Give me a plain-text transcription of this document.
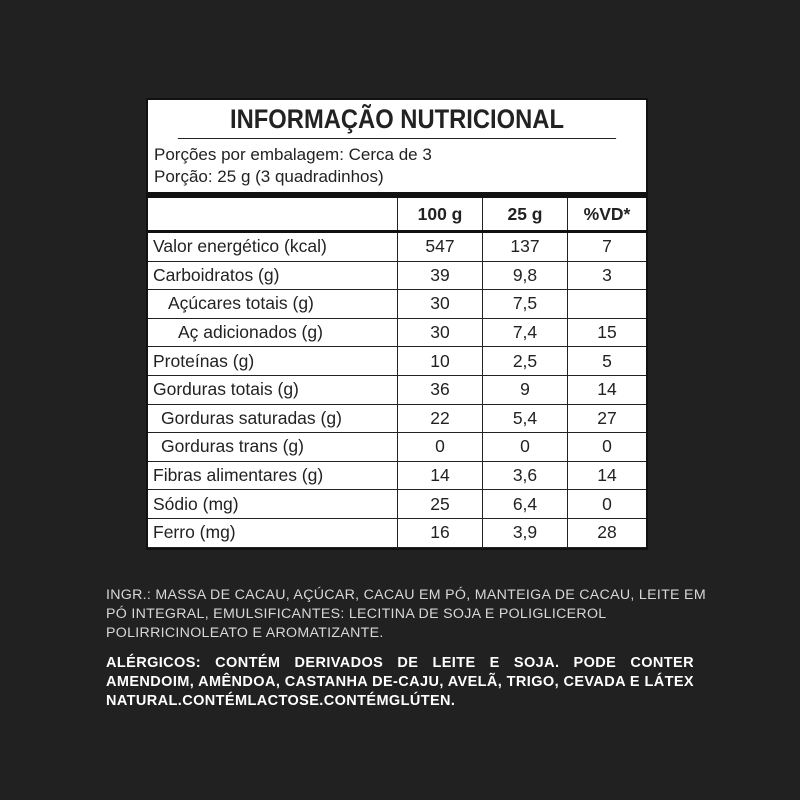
INFORMAÇÃO NUTRICIONAL
Porções por embalagem: Cerca de 3
Porção: 25 g (3 quadradinhos)
	100 g	25 g	%VD*
Valor energético (kcal)	547	137	7
Carboidratos (g)	39	9,8	3
Açúcares totais (g)	30	7,5	
Aç adicionados (g)	30	7,4	15
Proteínas (g)	10	2,5	5
Gorduras totais (g)	36	9	14
Gorduras saturadas (g)	22	5,4	27
Gorduras trans (g)	0	0	0
Fibras alimentares (g)	14	3,6	14
Sódio (mg)	25	6,4	0
Ferro (mg)	16	3,9	28
INGR.: MASSA DE CACAU, AÇÚCAR, CACAU EM PÓ, MANTEIGA DE CACAU, LEITE EM PÓ INTEGRAL, EMULSIFICANTES: LECITINA DE SOJA E POLIGLICEROL POLIRRICINOLEATO E AROMATIZANTE.
ALÉRGICOS: CONTÉM DERIVADOS DE LEITE E SOJA. PODE CONTER AMENDOIM, AMÊNDOA, CASTANHA DE-CAJU, AVELÃ, TRIGO, CEVADA E LÁTEX NATURAL.CONTÉMLACTOSE.CONTÉMGLÚTEN.
